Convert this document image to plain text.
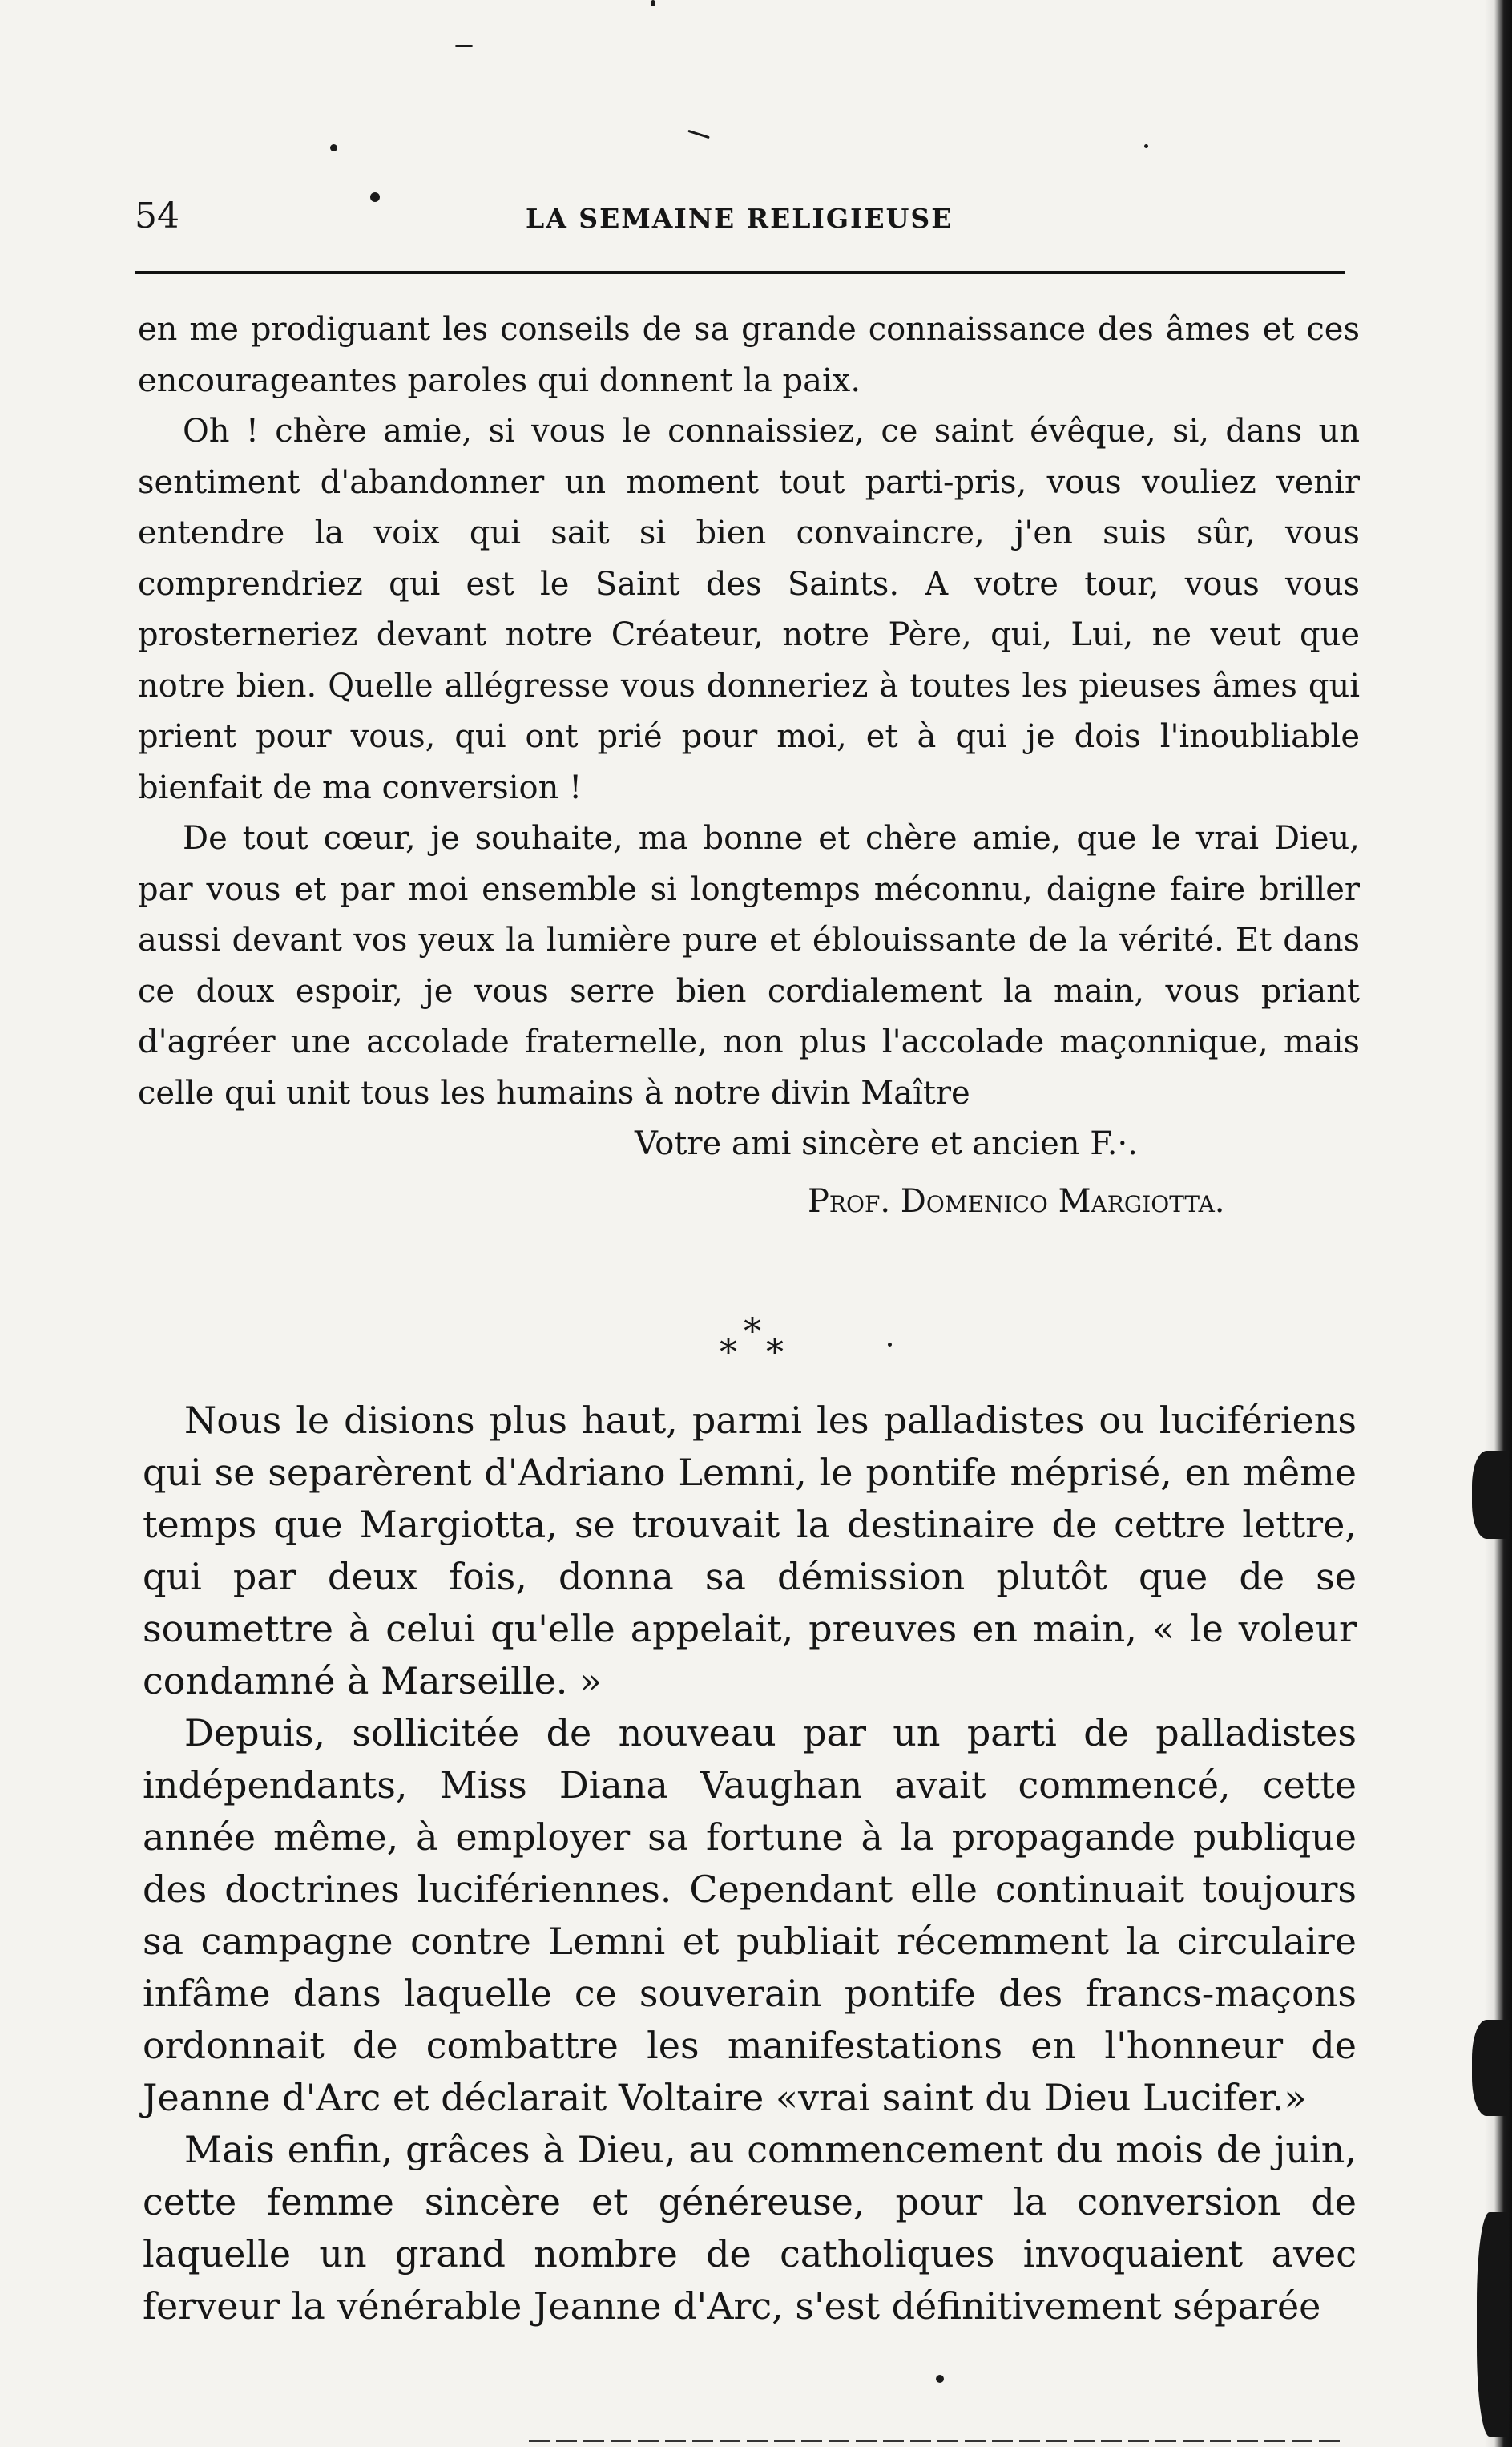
54	LA SEMAINE RELIGIEUSE

en me prodiguant les conseils de sa grande connaissance des âmes et ces encourageantes paroles qui donnent la paix.

Oh ! chère amie, si vous le connaissiez, ce saint évêque, si, dans un sentiment d'abandonner un moment tout parti-pris, vous vouliez venir entendre la voix qui sait si bien convaincre, j'en suis sûr, vous comprendriez qui est le Saint des Saints. A votre tour, vous vous prosterneriez devant notre Créateur, notre Père, qui, Lui, ne veut que notre bien. Quelle allégresse vous donneriez à toutes les pieuses âmes qui prient pour vous, qui ont prié pour moi, et à qui je dois l'inoubliable bienfait de ma conversion !

De tout cœur, je souhaite, ma bonne et chère amie, que le vrai Dieu, par vous et par moi ensemble si longtemps méconnu, daigne faire briller aussi devant vos yeux la lumière pure et éblouissante de la vérité. Et dans ce doux espoir, je vous serre bien cordialement la main, vous priant d'agréer une accolade fraternelle, non plus l'accolade maçonnique, mais celle qui unit tous les humains à notre divin Maître

Votre ami sincère et ancien F.·.

Prof. Domenico Margiotta.

*
* *

Nous le disions plus haut, parmi les palladistes ou lucifériens qui se separèrent d'Adriano Lemni, le pontife méprisé, en même temps que Margiotta, se trouvait la destinaire de cettre lettre, qui par deux fois, donna sa démission plutôt que de se soumettre à celui qu'elle appelait, preuves en main, « le voleur condamné à Marseille. »

Depuis, sollicitée de nouveau par un parti de palladistes indépendants, Miss Diana Vaughan avait commencé, cette année même, à employer sa fortune à la propagande publique des doctrines lucifériennes. Cependant elle continuait toujours sa campagne contre Lemni et publiait récemment la circulaire infâme dans laquelle ce souverain pontife des francs-maçons ordonnait de combattre les manifestations en l'honneur de Jeanne d'Arc et déclarait Voltaire «vrai saint du Dieu Lucifer.»

Mais enfin, grâces à Dieu, au commencement du mois de juin, cette femme sincère et généreuse, pour la conversion de laquelle un grand nombre de catholiques invoquaient avec ferveur la vénérable Jeanne d'Arc, s'est définitivement séparée
